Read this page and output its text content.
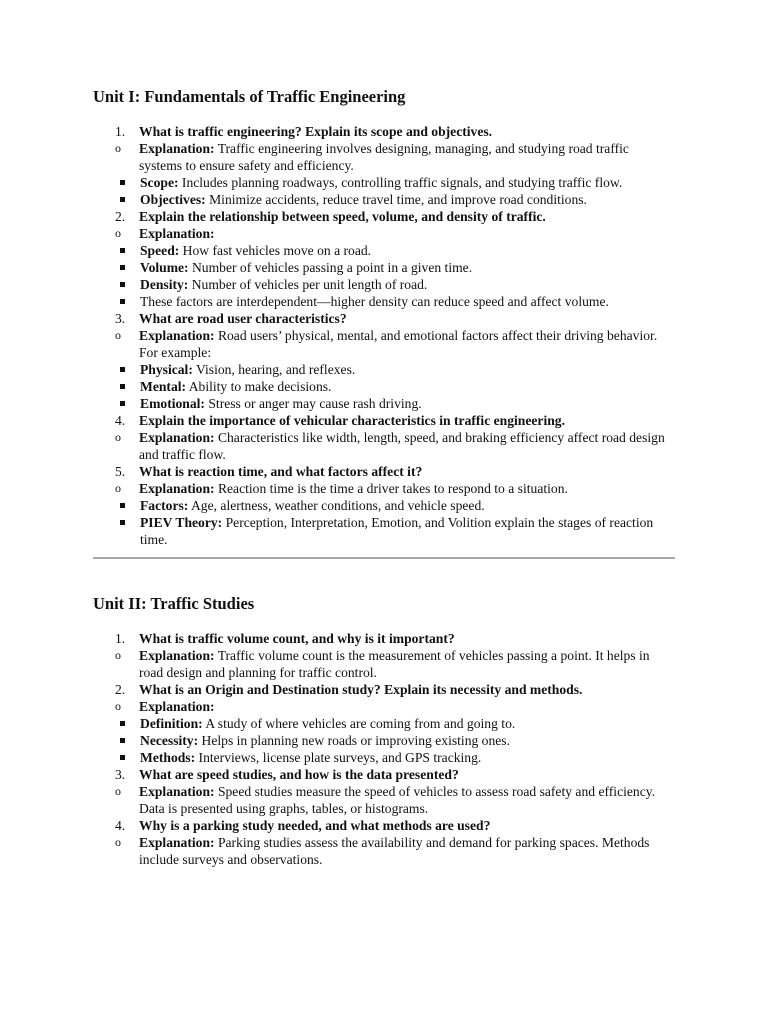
Unit I: Fundamentals of Traffic Engineering
1. What is traffic engineering? Explain its scope and objectives.
o Explanation: Traffic engineering involves designing, managing, and studying road traffic systems to ensure safety and efficiency.
Scope: Includes planning roadways, controlling traffic signals, and studying traffic flow.
Objectives: Minimize accidents, reduce travel time, and improve road conditions.
2. Explain the relationship between speed, volume, and density of traffic.
o Explanation:
Speed: How fast vehicles move on a road.
Volume: Number of vehicles passing a point in a given time.
Density: Number of vehicles per unit length of road.
These factors are interdependent—higher density can reduce speed and affect volume.
3. What are road user characteristics?
o Explanation: Road users’ physical, mental, and emotional factors affect their driving behavior. For example:
Physical: Vision, hearing, and reflexes.
Mental: Ability to make decisions.
Emotional: Stress or anger may cause rash driving.
4. Explain the importance of vehicular characteristics in traffic engineering.
o Explanation: Characteristics like width, length, speed, and braking efficiency affect road design and traffic flow.
5. What is reaction time, and what factors affect it?
o Explanation: Reaction time is the time a driver takes to respond to a situation.
Factors: Age, alertness, weather conditions, and vehicle speed.
PIEV Theory: Perception, Interpretation, Emotion, and Volition explain the stages of reaction time.
Unit II: Traffic Studies
1. What is traffic volume count, and why is it important?
o Explanation: Traffic volume count is the measurement of vehicles passing a point. It helps in road design and planning for traffic control.
2. What is an Origin and Destination study? Explain its necessity and methods.
o Explanation:
Definition: A study of where vehicles are coming from and going to.
Necessity: Helps in planning new roads or improving existing ones.
Methods: Interviews, license plate surveys, and GPS tracking.
3. What are speed studies, and how is the data presented?
o Explanation: Speed studies measure the speed of vehicles to assess road safety and efficiency. Data is presented using graphs, tables, or histograms.
4. Why is a parking study needed, and what methods are used?
o Explanation: Parking studies assess the availability and demand for parking spaces. Methods include surveys and observations.
